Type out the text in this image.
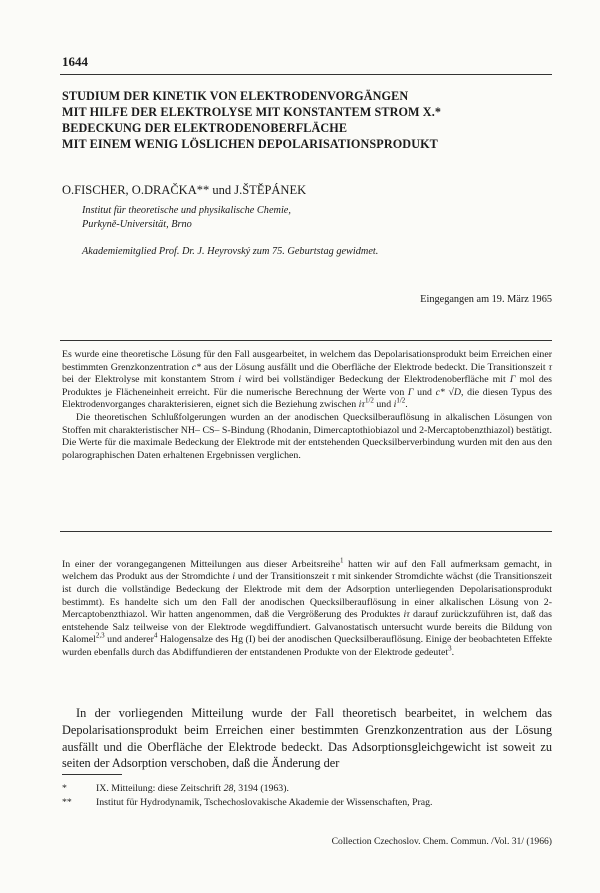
1644
STUDIUM DER KINETIK VON ELEKTRODENVORGÄNGEN
MIT HILFE DER ELEKTROLYSE MIT KONSTANTEM STROM X.*
BEDECKUNG DER ELEKTRODENOBERFLÄCHE
MIT EINEM WENIG LÖSLICHEN DEPOLARISATIONSPRODUKT
O.FISCHER, O.DRAČKA** und J.ŠTĚPÁNEK
Institut für theoretische und physikalische Chemie,
Purkyně-Universität, Brno
Akademiemitglied Prof. Dr. J. Heyrovský zum 75. Geburtstag gewidmet.
Eingegangen am 19. März 1965

Es wurde eine theoretische Lösung für den Fall ausgearbeitet, in welchem das Depolarisationsprodukt beim Erreichen einer bestimmten Grenzkonzentration c* aus der Lösung ausfällt und die Oberfläche der Elektrode bedeckt. Die Transitionszeit τ bei der Elektrolyse mit konstantem Strom i wird bei vollständiger Bedeckung der Elektrodenoberfläche mit Γ mol des Produktes je Flächeneinheit erreicht. Für die numerische Berechnung der Werte von Γ und c* √D, die diesen Typus des Elektrodenvorganges charakterisieren, eignet sich die Beziehung zwischen $i\tau^{1/2}$ und $i^{1/2}$.

Die theoretischen Schlußfolgerungen wurden an der anodischen Quecksilberauflösung in alkalischen Lösungen von Stoffen mit charakteristischer NH– CS– S-Bindung (Rhodanin, Dimercaptothiobiazol und 2-Mercaptobenzthiazol) bestätigt. Die Werte für die maximale Bedeckung der Elektrode mit der entstehenden Quecksilberverbindung wurden mit den aus den polarographischen Daten erhaltenen Ergebnissen verglichen.

In einer der vorangegangenen Mitteilungen aus dieser Arbeitsreihe$^1$ hatten wir auf den Fall aufmerksam gemacht, in welchem das Produkt aus der Stromdichte i und der Transitionszeit τ mit sinkender Stromdichte wächst (die Transitionszeit ist durch die vollständige Bedeckung der Elektrode mit dem der Adsorption unterliegenden Depolarisationsprodukt bestimmt). Es handelte sich um den Fall der anodischen Quecksilberauflösung in einer alkalischen Lösung von 2-Mercaptobenzthiazol. Wir hatten angenommen, daß die Vergrößerung des Produktes iτ darauf zurückzuführen ist, daß das entstehende Salz teilweise von der Elektrode wegdiffundiert. Galvanostatisch untersucht wurde bereits die Bildung von Kalomel$^{2,3}$ und anderer$^4$ Halogensalze des Hg (I) bei der anodischen Quecksilberauflösung. Einige der beobachteten Effekte wurden ebenfalls durch das Abdiffundieren der entstandenen Produkte von der Elektrode gedeutet$^3$.

In der vorliegenden Mitteilung wurde der Fall theoretisch bearbeitet, in welchem das Depolarisationsprodukt beim Erreichen einer bestimmten Grenzkonzentration aus der Lösung ausfällt und die Oberfläche der Elektrode bedeckt. Das Adsorptionsgleichgewicht ist soweit zu seiten der Adsorption verschoben, daß die Änderung der

*	IX. Mitteilung: diese Zeitschrift 28, 3194 (1963).
**	Institut für Hydrodynamik, Tschechoslovakische Akademie der Wissenschaften, Prag.
Collection Czechoslov. Chem. Commun. /Vol. 31/ (1966)
